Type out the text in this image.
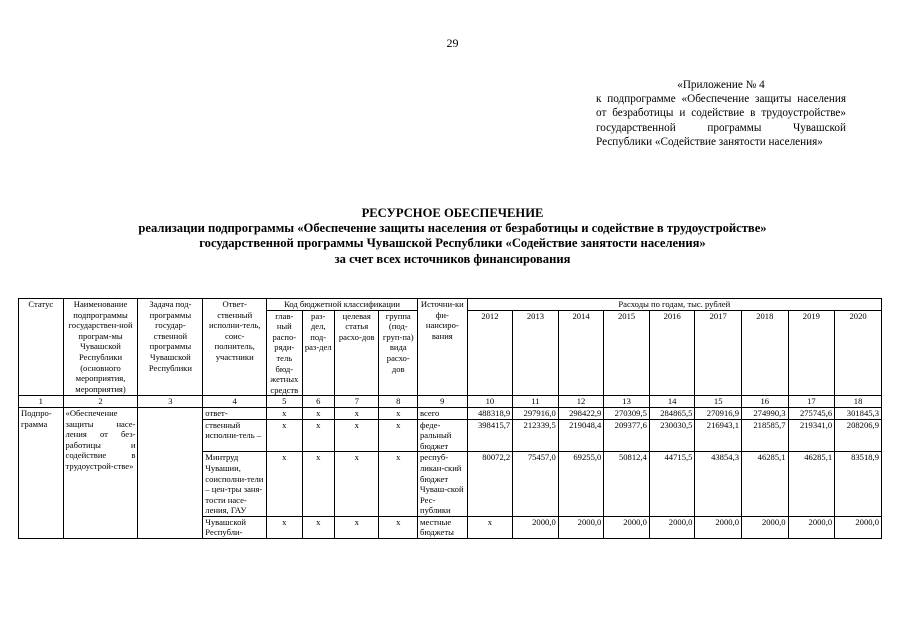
29
«Приложение № 4
к подпрограмме «Обеспечение защиты населения от безработицы и содействие в трудоустройстве» государственной программы Чувашской Республики «Содействие занятости населения»
РЕСУРСНОЕ ОБЕСПЕЧЕНИЕ
реализации подпрограммы «Обеспечение защиты населения от безработицы и содействие в трудоустройстве»
государственной программы Чувашской Республики «Содействие занятости населения»
за счет всех источников финансирования
Статус	Наименование подпрограммы государствен-ной програм-мы Чувашской Республики (основного мероприятия, мероприятия)	Задача под-программы государ-ственной программы Чувашской Республики	Ответ-ственный исполни-тель, соис-полнитель, участники	Код бюджетной классификации				Источни-ки фи-нансиро-вания	Расходы по годам, тыс. рублей								
				глав-ный распо-ряди-тель бюд-жетных средств	раз-дел, под-раз-дел	целевая статья расхо-дов	группа (под-груп-па) вида расхо-дов		2012	2013	2014	2015	2016	2017	2018	2019	2020

1	2	3	4	5	6	7	8	9	10	11	12	13	14	15	16	17	18
Подпро-грамма	«Обеспечение защиты насе-ления от без-работицы и содействие в трудоустрой-стве»		ответ-	x	x	x	x	всего	488318,9	297916,0	298422,9	270309,5	284865,5	270916,9	274990,3	275745,6	301845,3
			ственный исполни-тель –	x	x	x	x	феде-ральный бюджет	398415,7	212339,5	219048,4	209377,6	230030,5	216943,1	218585,7	219341,0	208206,9
			Минтруд Чувашии, соисполни-тели – цен-тры заня-тости насе-ления, ГАУ	x	x	x	x	респуб-ликан-ский бюджет Чуваш-ской Рес-публики	80072,2	75457,0	69255,0	50812,4	44715,5	43854,3	46285,1	46285,1	83518,9
			Чувашской Республи-	x	x	x	x	местные бюджеты	x	2000,0	2000,0	2000,0	2000,0	2000,0	2000,0	2000,0	2000,0
